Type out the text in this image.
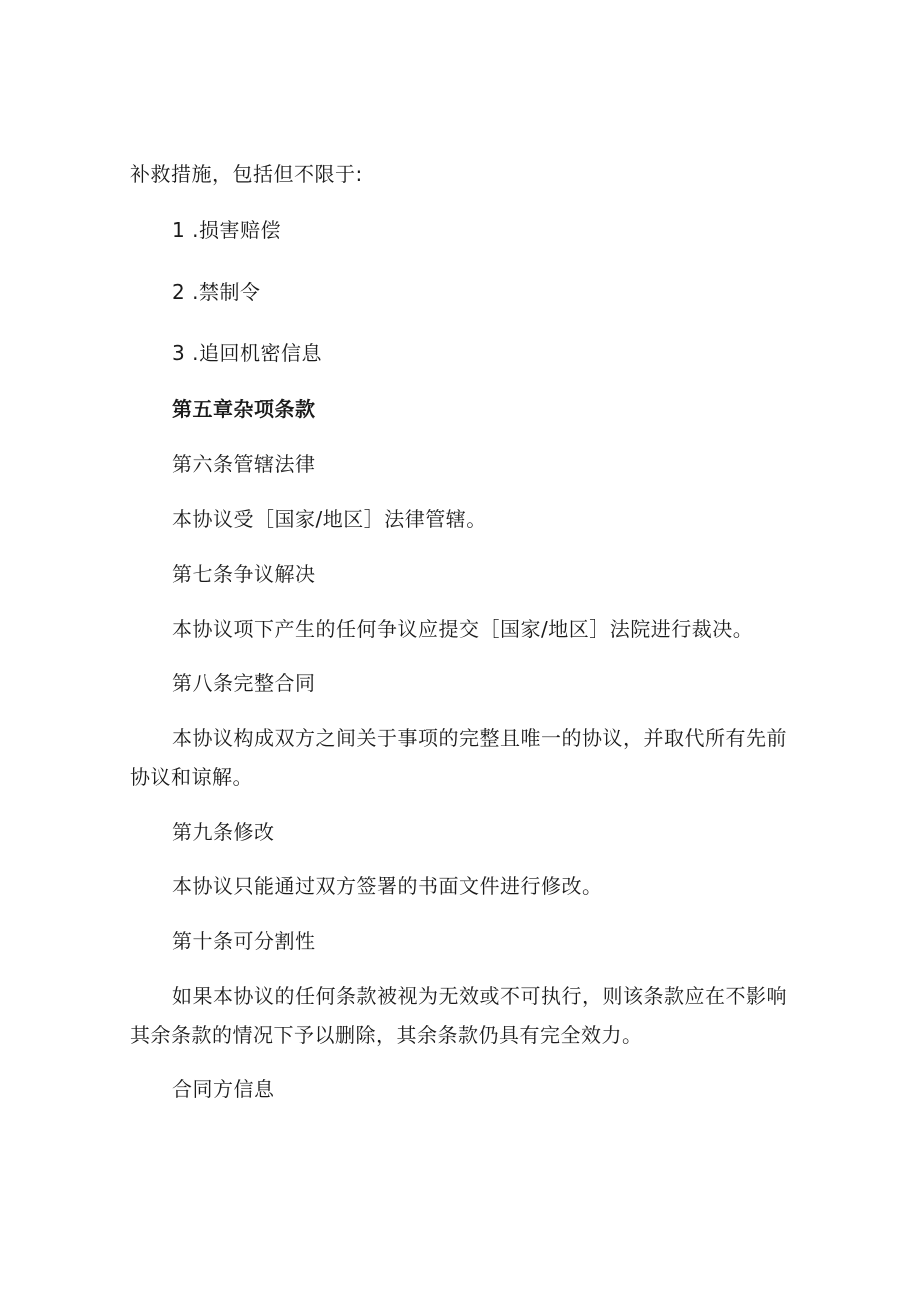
补救措施，包括但不限于:
1 .损害赔偿
2 .禁制令
3 .追回机密信息
第五章杂项条款
第六条管辖法律
本协议受［国家/地区］法律管辖。
第七条争议解决
本协议项下产生的任何争议应提交［国家/地区］法院进行裁决。
第八条完整合同
本协议构成双方之间关于事项的完整且唯一的协议，并取代所有先前
协议和谅解。
第九条修改
本协议只能通过双方签署的书面文件进行修改。
第十条可分割性
如果本协议的任何条款被视为无效或不可执行，则该条款应在不影响
其余条款的情况下予以删除，其余条款仍具有完全效力。
合同方信息
